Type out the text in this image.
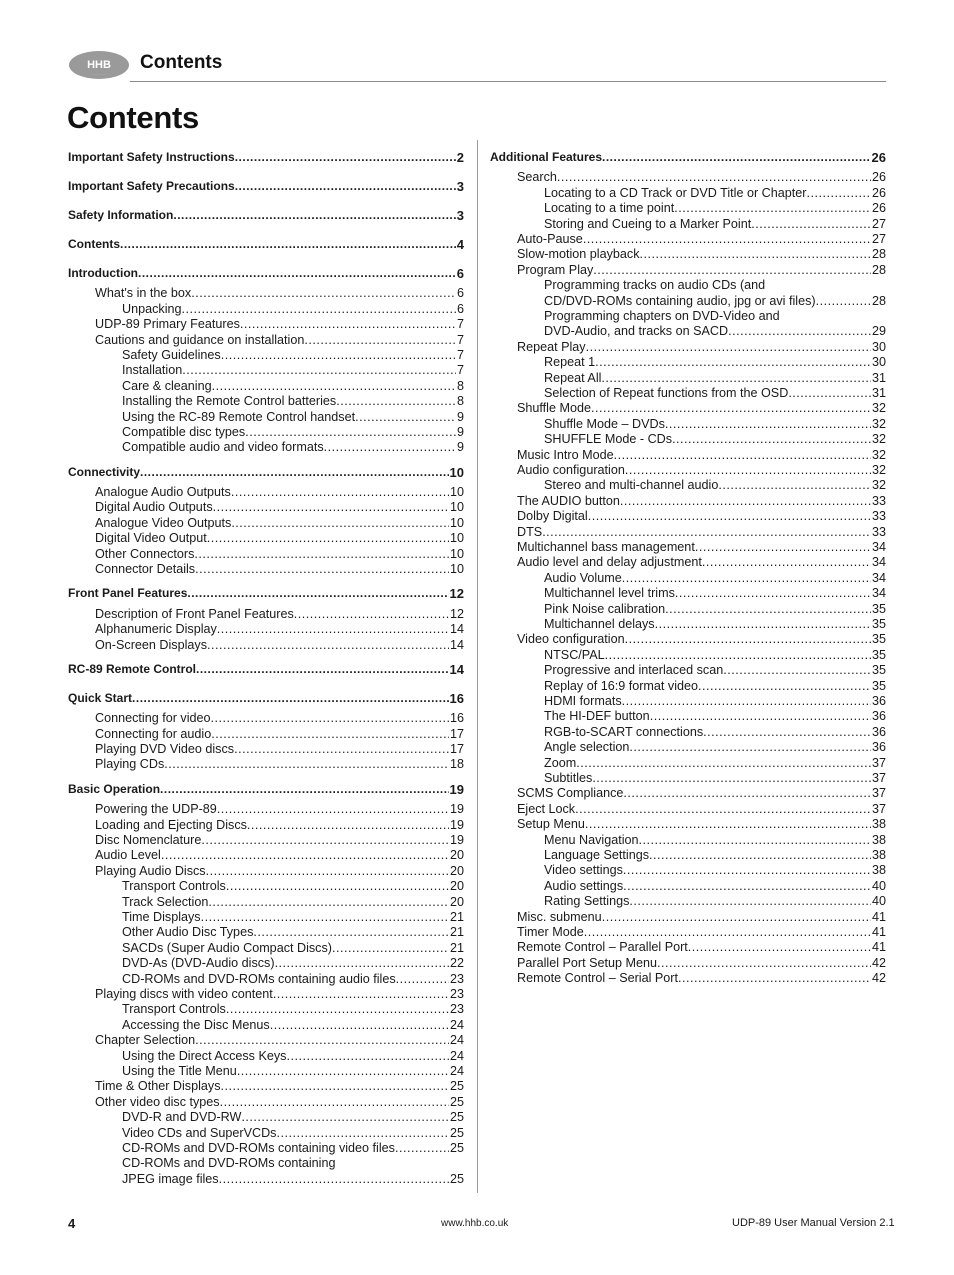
HHB
. . . . . . . . .
Contents
Contents
Important Safety Instructions .....	2
Important Safety Precautions .....	3
Safety Information .....	3
Contents .....	4
Introduction .....	6
What's in the box .....	6
Unpacking .....	6
UDP-89 Primary Features .....	7
Cautions and guidance on installation .....	7
Safety Guidelines .....	7
Installation .....	7
Care & cleaning .....	8
Installing the Remote Control batteries .....	8
Using the RC-89 Remote Control handset .....	9
Compatible disc types .....	9
Compatible audio and video formats .....	9
Connectivity .....	10
Analogue Audio Outputs .....	10
Digital Audio Outputs .....	10
Analogue Video Outputs .....	10
Digital Video Output .....	10
Other Connectors .....	10
Connector Details .....	10
Front Panel Features .....	12
Description of Front Panel Features .....	12
Alphanumeric Display .....	14
On-Screen Displays .....	14
RC-89 Remote Control .....	14
Quick Start .....	16
Connecting for video .....	16
Connecting for audio .....	17
Playing DVD Video discs .....	17
Playing CDs .....	18
Basic Operation .....	19
Powering the UDP-89 .....	19
Loading and Ejecting Discs .....	19
Disc Nomenclature .....	19
Audio Level .....	20
Playing Audio Discs .....	20
Transport Controls .....	20
Track Selection .....	20
Time Displays .....	21
Other Audio Disc Types .....	21
SACDs (Super Audio Compact Discs) .....	21
DVD-As (DVD-Audio discs) .....	22
CD-ROMs and DVD-ROMs containing audio files .....	23
Playing discs with video content .....	23
Transport Controls .....	23
Accessing the Disc Menus .....	24
Chapter Selection .....	24
Using the Direct Access Keys .....	24
Using the Title Menu .....	24
Time & Other Displays .....	25
Other video disc types .....	25
DVD-R and DVD-RW .....	25
Video CDs and SuperVCDs .....	25
CD-ROMs and DVD-ROMs containing video files .....	25
CD-ROMs and DVD-ROMs containing
JPEG image files .....	25
Additional Features .....	26
Search .....	26
Locating to a CD Track or DVD Title or Chapter .....	26
Locating to a time point .....	26
Storing and Cueing to a Marker Point .....	27
Auto-Pause .....	27
Slow-motion playback .....	28
Program Play .....	28
Programming tracks on audio CDs (and
CD/DVD-ROMs containing audio, jpg or avi files) .....	28
Programming chapters on DVD-Video and
DVD-Audio, and tracks on SACD .....	29
Repeat Play .....	30
Repeat 1 .....	30
Repeat All .....	31
Selection of Repeat functions from the OSD .....	31
Shuffle Mode .....	32
Shuffle Mode – DVDs .....	32
SHUFFLE Mode - CDs .....	32
Music Intro Mode .....	32
Audio configuration .....	32
Stereo and multi-channel audio .....	32
The AUDIO button .....	33
Dolby Digital .....	33
DTS .....	33
Multichannel bass management .....	34
Audio level and delay adjustment .....	34
Audio Volume .....	34
Multichannel level trims .....	34
Pink Noise calibration .....	35
Multichannel delays .....	35
Video configuration .....	35
NTSC/PAL .....	35
Progressive and interlaced scan .....	35
Replay of 16:9 format video .....	35
HDMI formats .....	36
The HI-DEF button .....	36
RGB-to-SCART connections .....	36
Angle selection .....	36
Zoom .....	37
Subtitles .....	37
SCMS Compliance .....	37
Eject Lock .....	37
Setup Menu .....	38
Menu Navigation .....	38
Language Settings .....	38
Video settings .....	38
Audio settings .....	40
Rating Settings .....	40
Misc. submenu .....	41
Timer Mode .....	41
Remote Control – Parallel Port .....	41
Parallel Port Setup Menu .....	42
Remote Control – Serial Port .....	42
4	www.hhb.co.uk	UDP-89 User Manual Version 2.1
